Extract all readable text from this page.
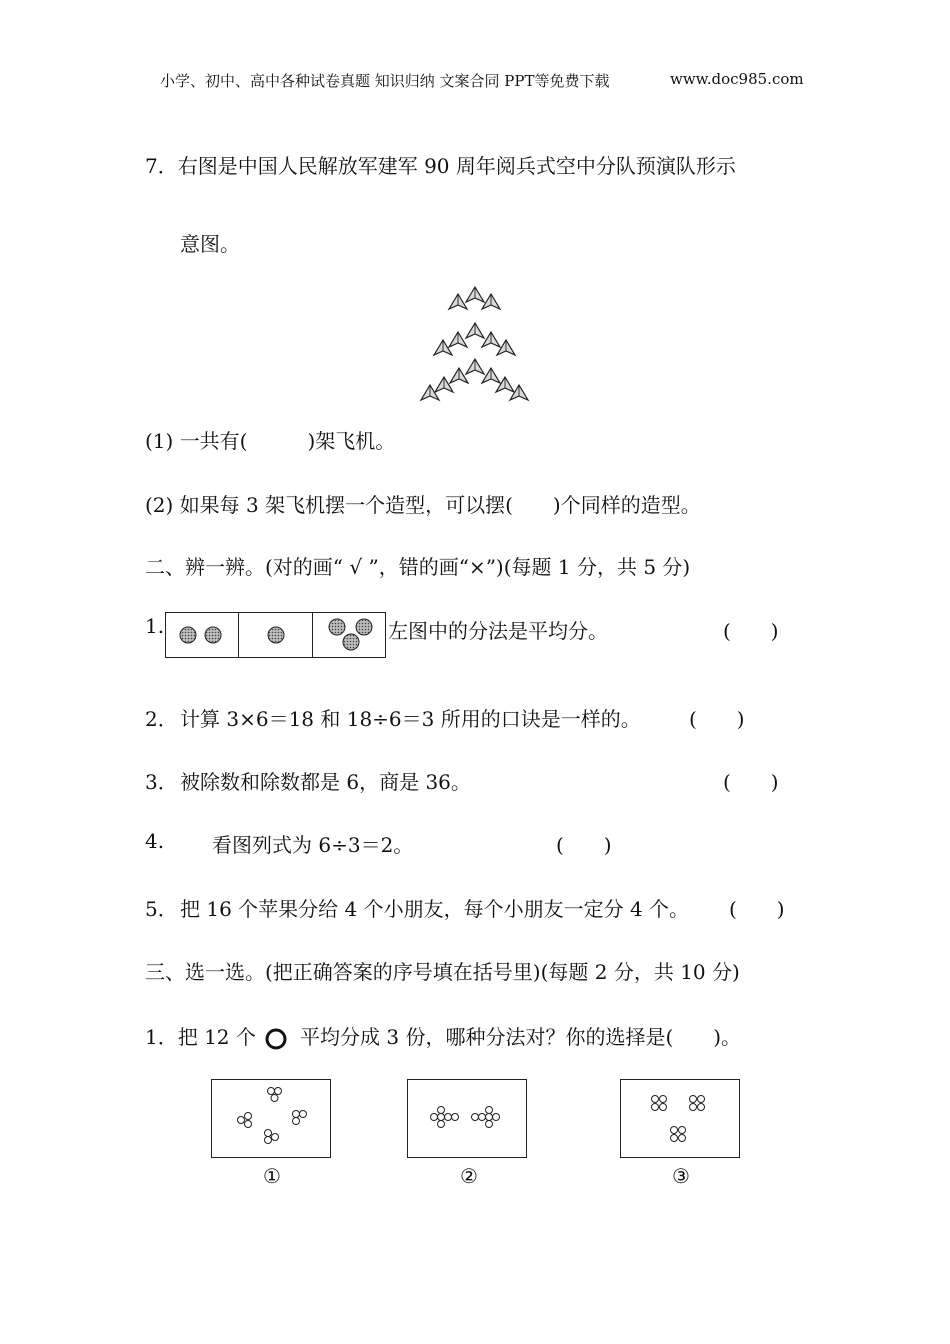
小学、初中、高中各种试卷真题 知识归纳 文案合同 PPT等免费下载	www.doc985.com
7．右图是中国人民解放军建军 90 周年阅兵式空中分队预演队形示
意图。
(1) 一共有(　　　)架飞机。
(2) 如果每 3 架飞机摆一个造型，可以摆(　　)个同样的造型。
二、辨一辨。(对的画“ √ ”，错的画“×”)(每题 1 分，共 5 分)
1.	左图中的分法是平均分。	(　　)
2． 计算 3×6＝18 和 18÷6＝3 所用的口诀是一样的。 (　　)
3． 被除数和除数都是 6，商是 36。	(　　)
4. 看图列式为 6÷3＝2。	(　　)
5． 把 16 个苹果分给 4 个小朋友，每个小朋友一定分 4 个。 (　　)
三、选一选。(把正确答案的序号填在括号里)(每题 2 分，共 10 分)
1．把 12 个 平均分成 3 份，哪种分法对？你的选择是(　　)。
①	②	③
